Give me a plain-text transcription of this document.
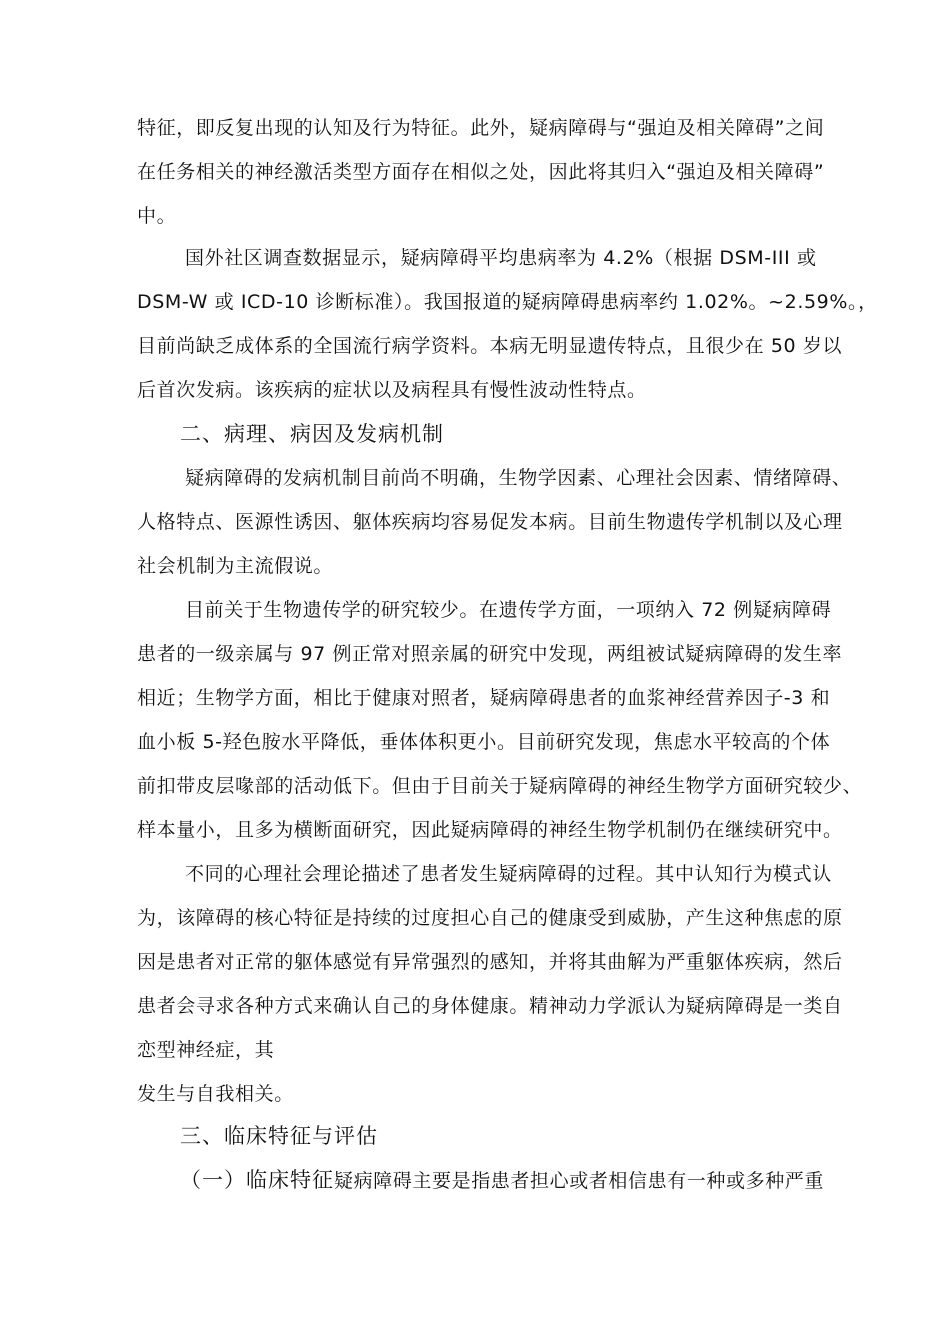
特征，即反复出现的认知及行为特征。此外，疑病障碍与“强迫及相关障碍”之间
在任务相关的神经激活类型方面存在相似之处，因此将其归入“强迫及相关障碍”
中。
国外社区调查数据显示，疑病障碍平均患病率为 4.2%（根据 DSM-III 或
DSM-W 或 ICD-10 诊断标准）。我国报道的疑病障碍患病率约 1.02%。~2.59%。，
目前尚缺乏成体系的全国流行病学资料。本病无明显遗传特点，且很少在 50 岁以
后首次发病。该疾病的症状以及病程具有慢性波动性特点。
二、病理、病因及发病机制
疑病障碍的发病机制目前尚不明确，生物学因素、心理社会因素、情绪障碍、
人格特点、医源性诱因、躯体疾病均容易促发本病。目前生物遗传学机制以及心理
社会机制为主流假说。
目前关于生物遗传学的研究较少。在遗传学方面，一项纳入 72 例疑病障碍
患者的一级亲属与 97 例正常对照亲属的研究中发现，两组被试疑病障碍的发生率
相近；生物学方面，相比于健康对照者，疑病障碍患者的血浆神经营养因子-3 和
血小板 5-羟色胺水平降低，垂体体积更小。目前研究发现，焦虑水平较高的个体
前扣带皮层喙部的活动低下。但由于目前关于疑病障碍的神经生物学方面研究较少、
样本量小，且多为横断面研究，因此疑病障碍的神经生物学机制仍在继续研究中。
不同的心理社会理论描述了患者发生疑病障碍的过程。其中认知行为模式认
为，该障碍的核心特征是持续的过度担心自己的健康受到威胁，产生这种焦虑的原
因是患者对正常的躯体感觉有异常强烈的感知，并将其曲解为严重躯体疾病，然后
患者会寻求各种方式来确认自己的身体健康。精神动力学派认为疑病障碍是一类自
恋型神经症，其
发生与自我相关。
三、临床特征与评估
（一）临床特征疑病障碍主要是指患者担心或者相信患有一种或多种严重
